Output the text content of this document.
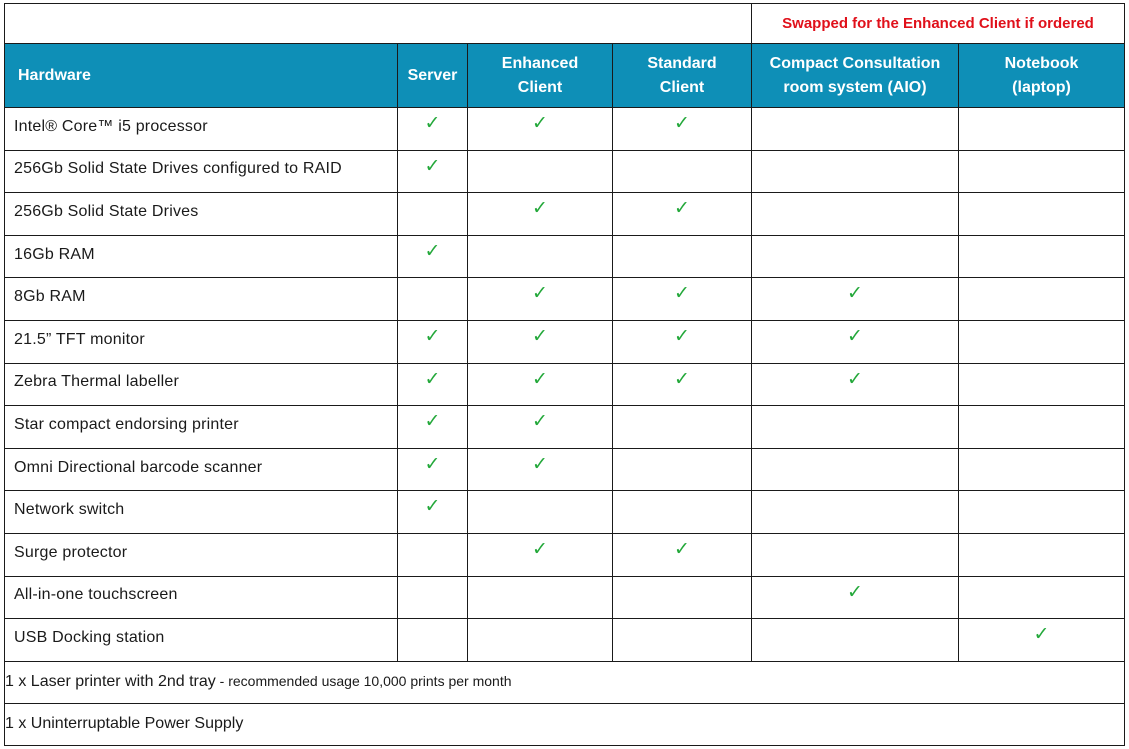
				Swapped for the Enhanced Client if ordered	
Hardware	Server	Enhanced Client	Standard Client	Compact Consultation room system (AIO)	Notebook (laptop)
Intel® Core™ i5 processor	✓	✓	✓		
256Gb Solid State Drives configured to RAID	✓				
256Gb Solid State Drives		✓	✓		
16Gb RAM	✓				
8Gb RAM		✓	✓	✓	
21.5” TFT monitor	✓	✓	✓	✓	
Zebra Thermal labeller	✓	✓	✓	✓	
Star compact endorsing printer	✓	✓			
Omni Directional barcode scanner	✓	✓			
Network switch	✓				
Surge protector		✓	✓		
All-in-one touchscreen				✓	
USB Docking station					✓
1 x Laser printer with 2nd tray - recommended usage 10,000 prints per month					
1 x Uninterruptable Power Supply					
